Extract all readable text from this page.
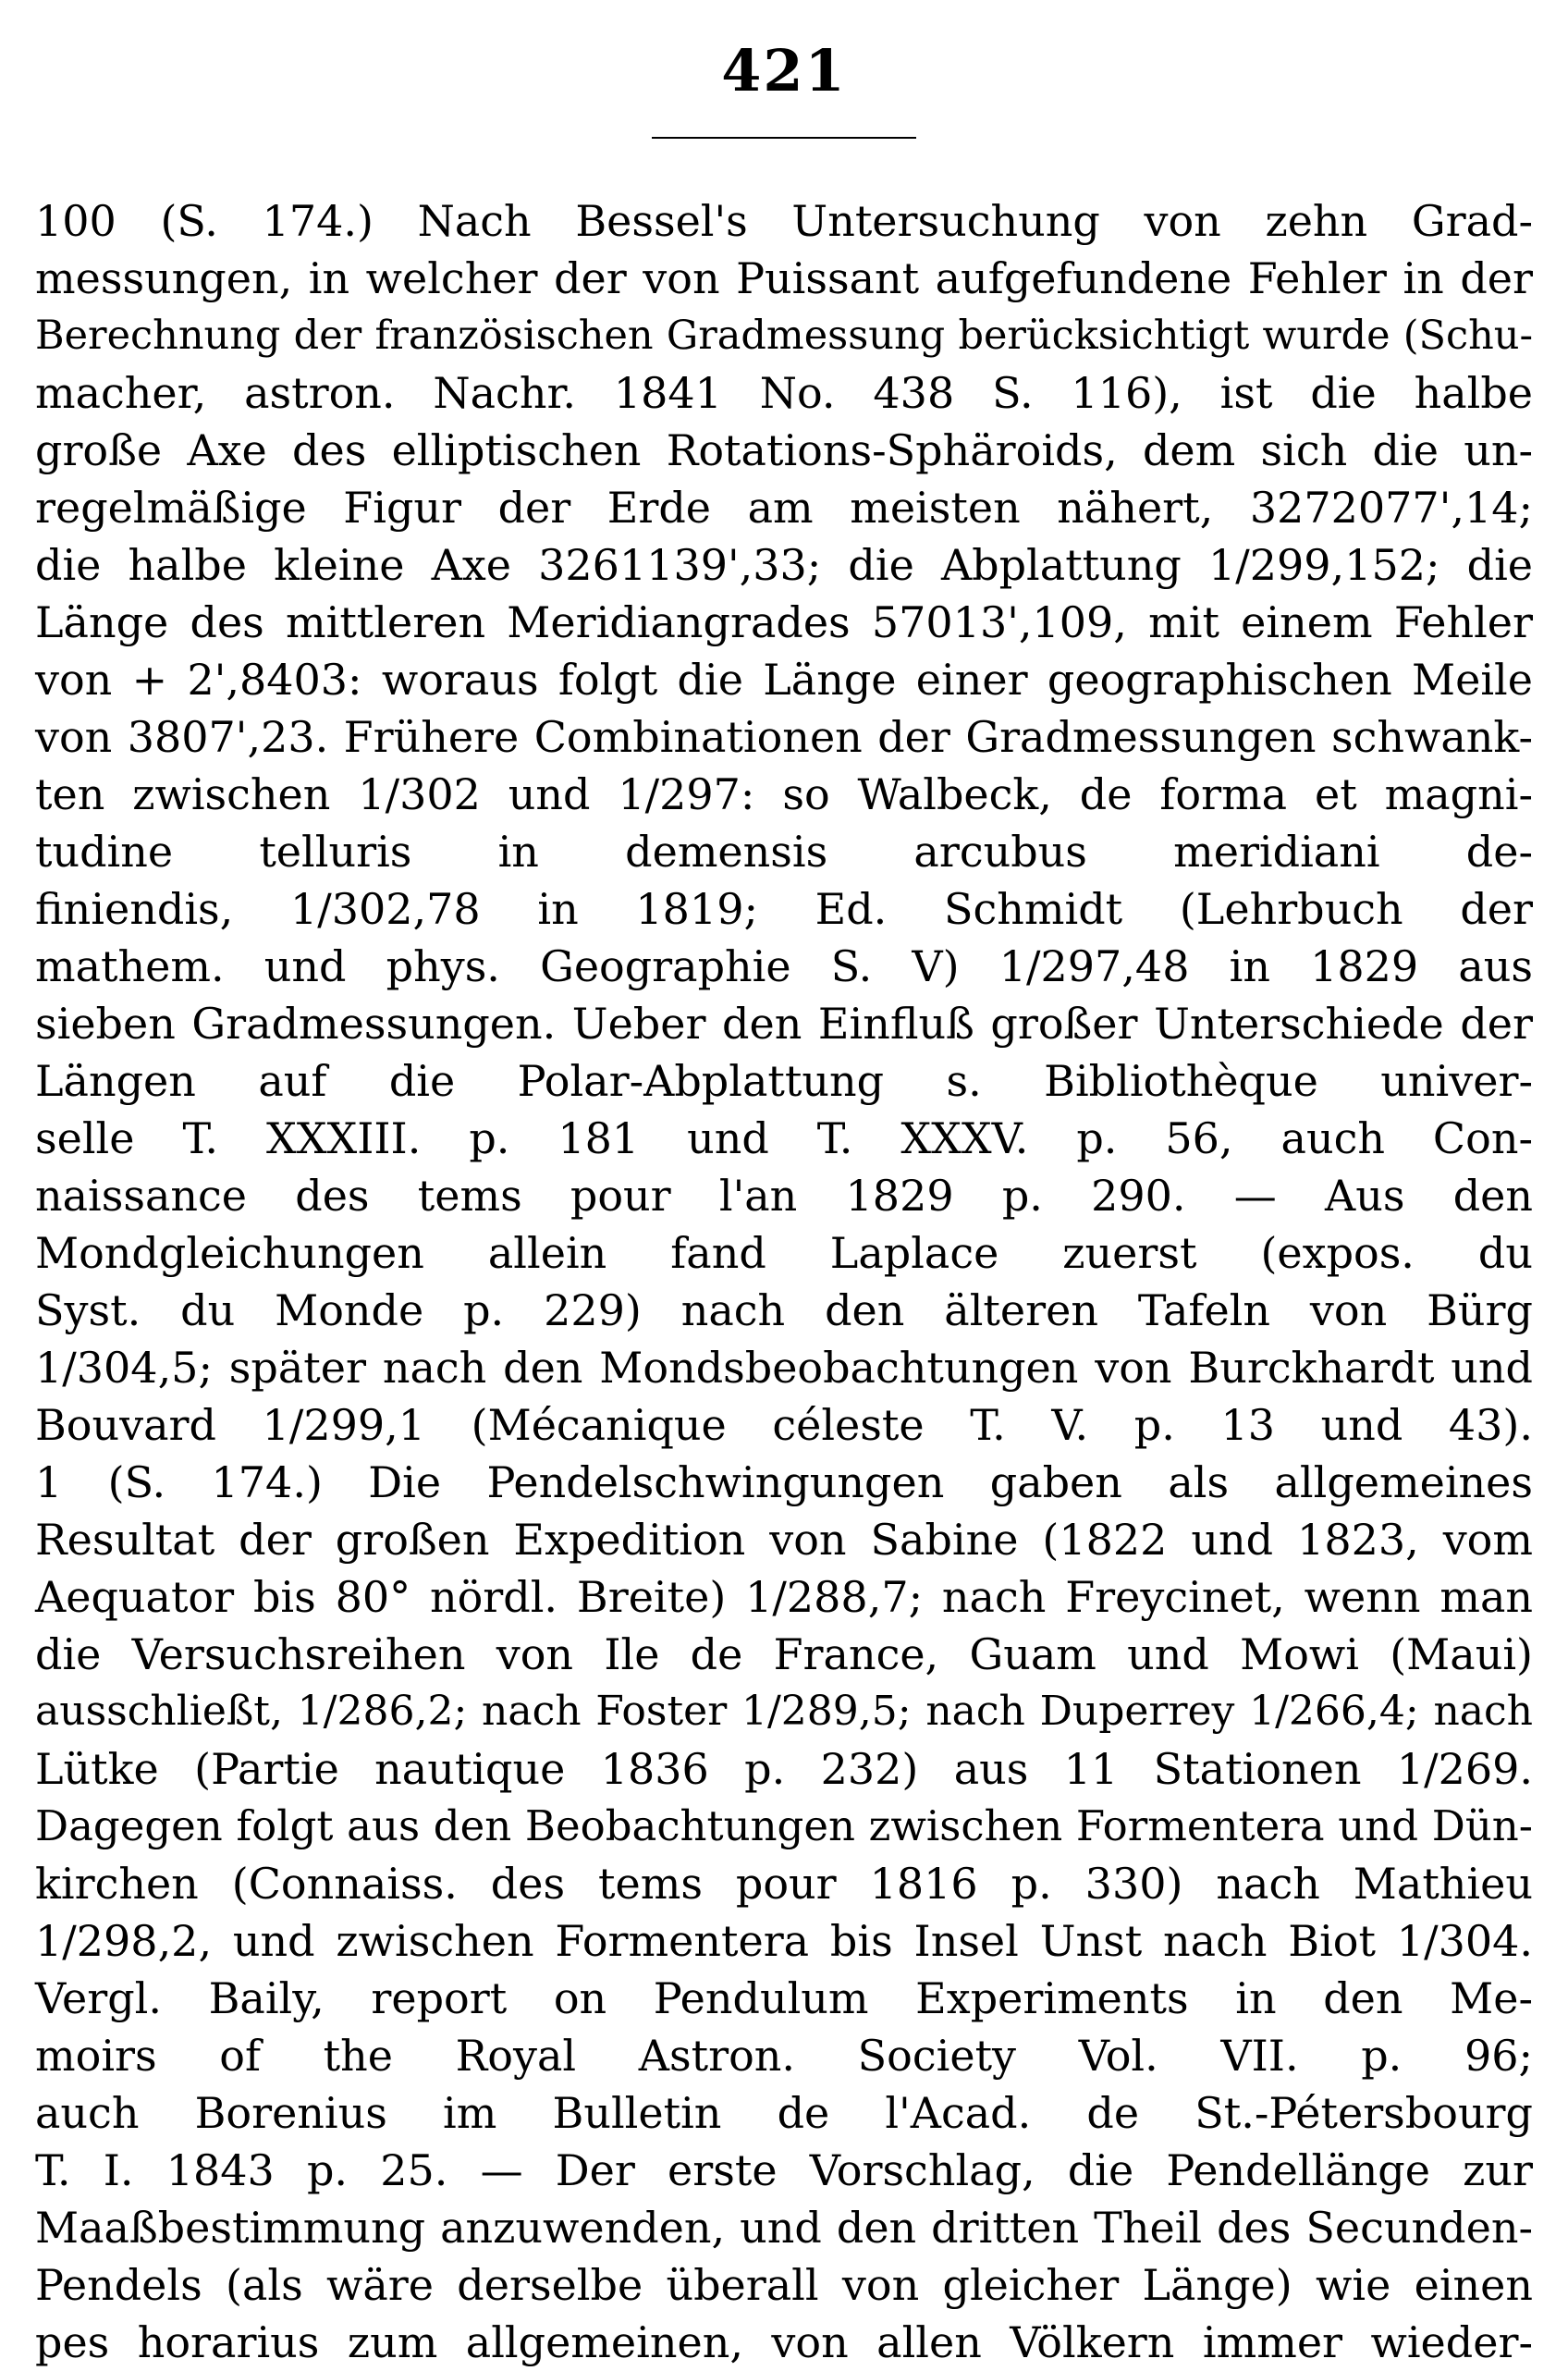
421
100 (S. 174.) Nach Bessel's Untersuchung von zehn Grad-
messungen, in welcher der von Puissant aufgefundene Fehler in der
Berechnung der französischen Gradmessung berücksichtigt wurde (Schu-
macher, astron. Nachr. 1841 No. 438 S. 116), ist die halbe
große Axe des elliptischen Rotations-Sphäroids, dem sich die un-
regelmäßige Figur der Erde am meisten nähert, 3272077',14;
die halbe kleine Axe 3261139',33; die Abplattung 1/299,152; die
Länge des mittleren Meridiangrades 57013',109, mit einem Fehler
von + 2',8403: woraus folgt die Länge einer geographischen Meile
von 3807',23. Frühere Combinationen der Gradmessungen schwank-
ten zwischen 1/302 und 1/297: so Walbeck, de forma et magni-
tudine telluris in demensis arcubus meridiani de-
finiendis, 1/302,78 in 1819; Ed. Schmidt (Lehrbuch der
mathem. und phys. Geographie S. V) 1/297,48 in 1829 aus
sieben Gradmessungen. Ueber den Einfluß großer Unterschiede der
Längen auf die Polar-Abplattung s. Bibliothèque univer-
selle T. XXXIII. p. 181 und T. XXXV. p. 56, auch Con-
naissance des tems pour l'an 1829 p. 290. — Aus den
Mondgleichungen allein fand Laplace zuerst (expos. du
Syst. du Monde p. 229) nach den älteren Tafeln von Bürg
1/304,5; später nach den Mondsbeobachtungen von Burckhardt und
Bouvard 1/299,1 (Mécanique céleste T. V. p. 13 und 43).
1 (S. 174.) Die Pendelschwingungen gaben als allgemeines
Resultat der großen Expedition von Sabine (1822 und 1823, vom
Aequator bis 80° nördl. Breite) 1/288,7; nach Freycinet, wenn man
die Versuchsreihen von Ile de France, Guam und Mowi (Maui)
ausschließt, 1/286,2; nach Foster 1/289,5; nach Duperrey 1/266,4; nach
Lütke (Partie nautique 1836 p. 232) aus 11 Stationen 1/269.
Dagegen folgt aus den Beobachtungen zwischen Formentera und Dün-
kirchen (Connaiss. des tems pour 1816 p. 330) nach Mathieu
1/298,2, und zwischen Formentera bis Insel Unst nach Biot 1/304.
Vergl. Baily, report on Pendulum Experiments in den Me-
moirs of the Royal Astron. Society Vol. VII. p. 96;
auch Borenius im Bulletin de l'Acad. de St.-Pétersbourg
T. I. 1843 p. 25. — Der erste Vorschlag, die Pendellänge zur
Maaßbestimmung anzuwenden, und den dritten Theil des Secunden-
Pendels (als wäre derselbe überall von gleicher Länge) wie einen
pes horarius zum allgemeinen, von allen Völkern immer wieder-
